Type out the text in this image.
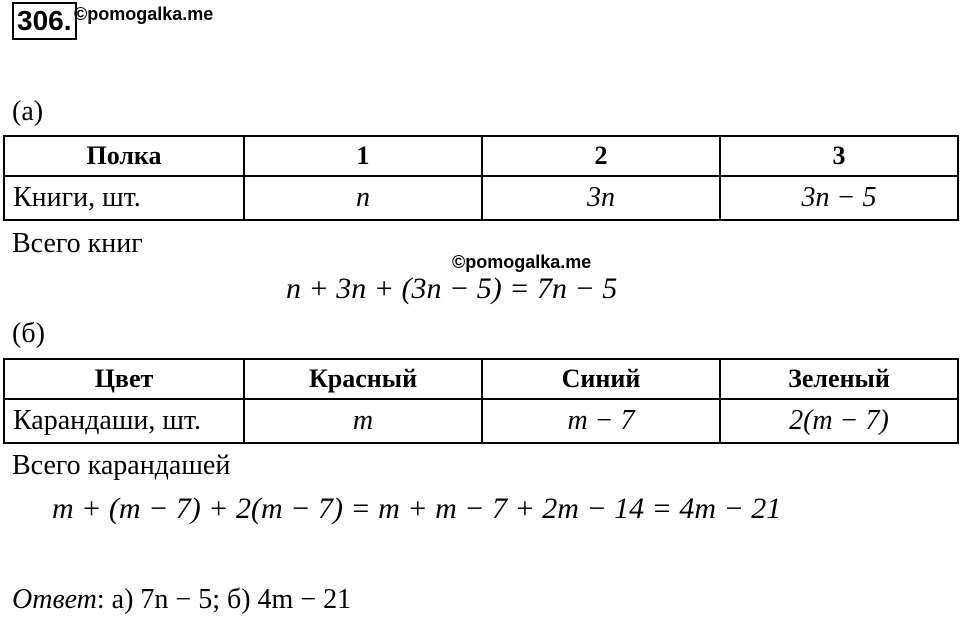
306. ©pomogalka.me
(а)
Полка	1	2	3
Книги, шт.	n	3n	3n − 5
Всего книг
©pomogalka.me
n + 3n + (3n − 5) = 7n − 5
(б)
Цвет	Красный	Синий	Зеленый
Карандаши, шт.	m	m − 7	2(m − 7)
Всего карандашей
m + (m − 7) + 2(m − 7) = m + m − 7 + 2m − 14 = 4m − 21
Ответ: а) 7n − 5; б) 4m − 21
